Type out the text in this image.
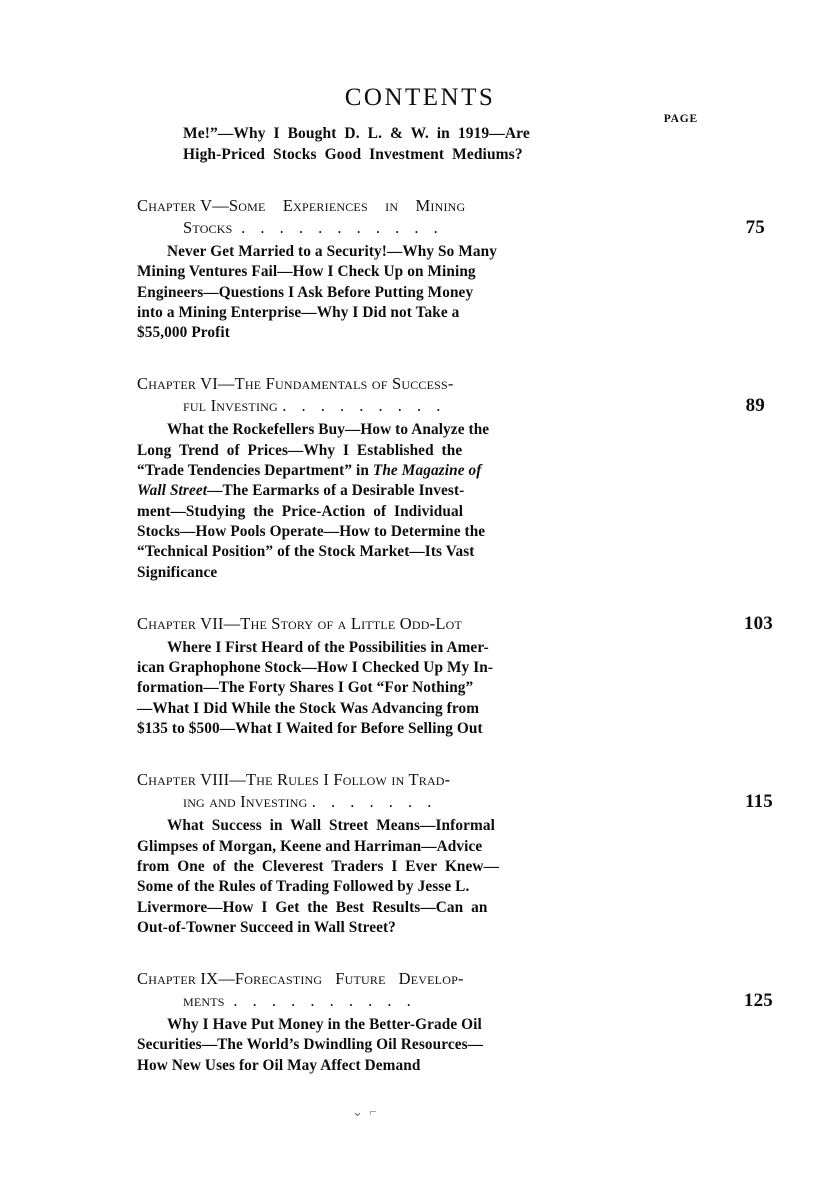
CONTENTS
PAGE
Me!”—Why  I  Bought  D.  L.  &  W.  in  1919—Are
High-Priced  Stocks  Good  Investment  Mediums?
Chapter V—Some Experiences in Mining
Stocks . . . . . . . . . . .	75
Never Get Married to a Security!—Why So Many
Mining Ventures Fail—How I Check Up on Mining
Engineers—Questions I Ask Before Putting Money
into a Mining Enterprise—Why I Did not Take a
$55,000 Profit
Chapter VI—The Fundamentals of Success-
ful Investing . . . . . . . . .	89
What the Rockefellers Buy—How to Analyze the
Long  Trend  of  Prices—Why  I  Established  the
“Trade Tendencies Department” in The Magazine of
Wall Street—The Earmarks of a Desirable Invest-
ment—Studying  the  Price-Action  of  Individual
Stocks—How Pools Operate—How to Determine the
“Technical Position” of the Stock Market—Its Vast
Significance
Chapter VII—The Story of a Little Odd-Lot	103
Where I First Heard of the Possibilities in Amer-
ican Graphophone Stock—How I Checked Up My In-
formation—The Forty Shares I Got “For Nothing”
—What I Did While the Stock Was Advancing from
$135 to $500—What I Waited for Before Selling Out
Chapter VIII—The Rules I Follow in Trad-
ing and Investing . . . . . . .	115
What  Success  in  Wall  Street  Means—Informal
Glimpses of Morgan, Keene and Harriman—Advice
from  One  of  the  Cleverest  Traders  I  Ever  Knew—
Some of the Rules of Trading Followed by Jesse L.
Livermore—How  I  Get  the  Best  Results—Can  an
Out-of-Towner Succeed in Wall Street?
Chapter IX—Forecasting Future Develop-
ments . . . . . . . . . .	125
Why I Have Put Money in the Better-Grade Oil
Securities—The World’s Dwindling Oil Resources—
How New Uses for Oil May Affect Demand
⌄  ⌐
